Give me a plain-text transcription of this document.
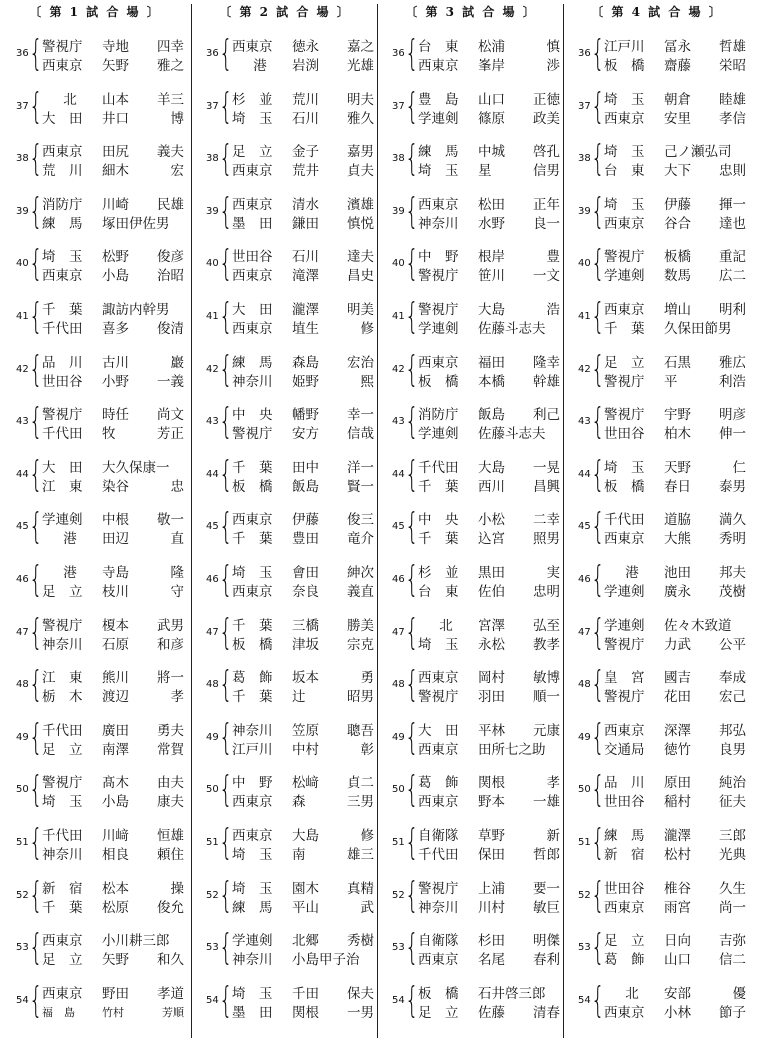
〔 第 1 試 合 場 〕
36 { 警視庁	寺地 四幸
西東京	矢野 雅之
37 {	北	山本 羊三
大　田	井口	博
38 { 西東京	田尻 義夫
荒　川	細木	宏
39 { 消防庁	川崎 民雄
練　馬	塚田伊佐男
40 { 埼　玉	松野 俊彦
西東京	小島 治昭
41 { 千　葉	諏訪内幹男
千代田	喜多 俊清
42 { 品　川	古川	巖
世田谷	小野 一義
43 { 警視庁	時任 尚文
千代田	牧	芳正
44 { 大　田	大久保康一
江　東	染谷	忠
45 { 学連剣	中根 敬一
港	田辺	直
46 {	港	寺島	隆
足　立	枝川	守
47 { 警視庁	榎本 武男
神奈川	石原 和彦
48 { 江　東	熊川 將一
栃　木	渡辺	孝
49 { 千代田	廣田 勇夫
足　立	南澤 常賀
50 { 警視庁	髙木 由夫
埼　玉	小島 康夫
51 { 千代田	川﨑 恒雄
神奈川	相良 頼住
52 { 新　宿	松本	操
千　葉	松原 俊允
53 { 西東京	小川耕三郎
足　立	矢野 和久
54 { 西東京	野田 孝道
福　島	竹村	芳順
〔 第 2 試 合 場 〕
36 { 西東京	徳永 嘉之
港	岩渕 光雄
37 { 杉　並	荒川 明夫
埼　玉	石川 雅久
38 { 足　立	金子 嘉男
西東京	荒井 貞夫
39 { 西東京	清水 濱雄
墨　田	鎌田 慎悦
40 { 世田谷	石川 達夫
西東京	滝澤 昌史
41 { 大　田	瀧澤 明美
西東京	埴生	修
42 { 練　馬	森島 宏治
神奈川	姫野	熙
43 { 中　央	幡野 幸一
警視庁	安方 信哉
44 { 千　葉	田中 洋一
板　橋	飯島 賢一
45 { 西東京	伊藤 俊三
千　葉	豊田 竜介
46 { 埼　玉	會田 紳次
西東京	奈良 義直
47 { 千　葉	三橋 勝美
板　橋	津坂 宗克
48 { 葛　飾	坂本	勇
千　葉	辻	昭男
49 { 神奈川	笠原 聰吾
江戸川	中村	彰
50 { 中　野	松﨑 貞二
西東京	森	三男
51 { 西東京	大島	修
埼　玉	南	雄三
52 { 埼　玉	園木 真精
練　馬	平山	武
53 { 学連剣	北郷 秀樹
神奈川	小島甲子治
54 { 埼　玉	千田 保夫
墨　田	関根 一男
〔 第 3 試 合 場 〕
36 { 台　東	松浦	慎
西東京	峯岸	渉
37 { 豊　島	山口 正徳
学連剣	篠原 政美
38 { 練　馬	中城 啓孔
埼　玉	星	信男
39 { 西東京	松田 正年
神奈川	水野 良一
40 { 中　野	根岸	豊
警視庁	笹川 一文
41 { 警視庁	大島	浩
学連剣	佐藤斗志夫
42 { 西東京	福田 隆幸
板　橋	本橋 幹雄
43 { 消防庁	飯島 利己
学連剣	佐藤斗志夫
44 { 千代田	大島 一晃
千　葉	西川 昌興
45 { 中　央	小松 二幸
千　葉	込宮 照男
46 { 杉　並	黒田	実
台　東	佐伯 忠明
47 {	北	宮澤 弘至
埼　玉	永松 教孝
48 { 西東京	岡村 敏博
警視庁	羽田 順一
49 { 大　田	平林 元康
西東京	田所七之助
50 { 葛　飾	関根	孝
西東京	野本 一雄
51 { 自衛隊	草野	新
千代田	保田 哲郎
52 { 警視庁	上浦 要一
神奈川	川村 敏巨
53 { 自衛隊	杉田 明傑
西東京	名尾 春利
54 { 板　橋	石井啓三郎
足　立	佐藤 清春
〔 第 4 試 合 場 〕
36 { 江戸川	冨永 哲雄
板　橋	齋藤 栄昭
37 { 埼　玉	朝倉 睦雄
西東京	安里 孝信
38 { 埼　玉	己ノ瀬弘司
台　東	大下 忠則
39 { 埼　玉	伊藤 揮一
西東京	谷合 達也
40 { 警視庁	板橋 重記
学連剣	数馬 広二
41 { 西東京	増山 明利
千　葉	久保田節男
42 { 足　立	石黒 雅広
警視庁	平	利浩
43 { 警視庁	宇野 明彦
世田谷	柏木 伸一
44 { 埼　玉	天野	仁
板　橋	春日 泰男
45 { 千代田	道脇 満久
西東京	大熊 秀明
46 {	港	池田 邦夫
学連剣	廣永 茂樹
47 { 学連剣	佐々木致道
警視庁	力武 公平
48 { 皇　宮	國吉 奉成
警視庁	花田 宏己
49 { 西東京	深澤 邦弘
交通局	徳竹 良男
50 { 品　川	原田 純治
世田谷	稲村 征夫
51 { 練　馬	瀧澤 三郎
新　宿	松村 光典
52 { 世田谷	椎谷 久生
西東京	雨宮 尚一
53 { 足　立	日向 吉弥
葛　飾	山口 信二
54 {	北	安部	優
西東京	小林 節子
